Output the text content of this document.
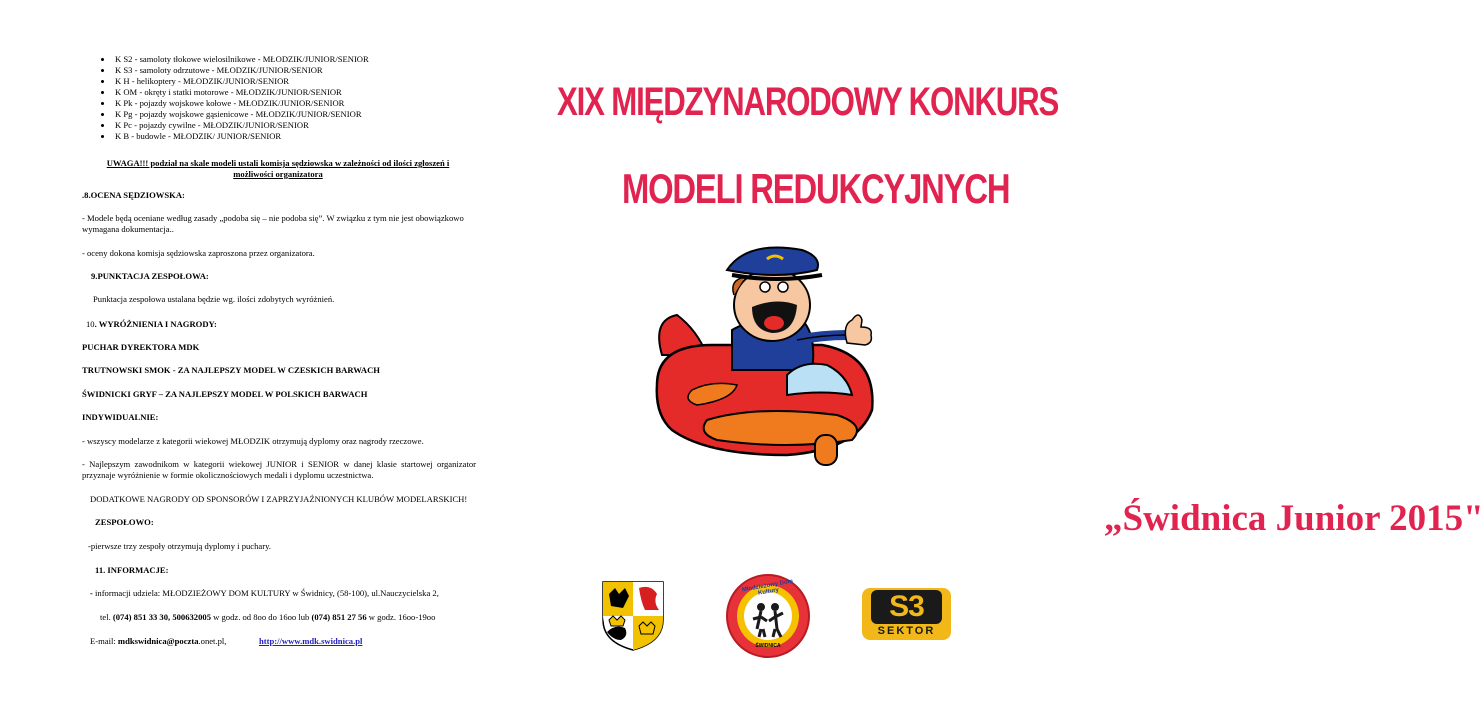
• K S2 - samoloty tłokowe wielosilnikowe - MŁODZIK/JUNIOR/SENIOR
• K S3 - samoloty odrzutowe - MŁODZIK/JUNIOR/SENIOR
• K H - helikoptery - MŁODZIK/JUNIOR/SENIOR
• K OM - okręty i statki motorowe - MŁODZIK/JUNIOR/SENIOR
• K Pk - pojazdy wojskowe kołowe - MŁODZIK/JUNIOR/SENIOR
• K Pg - pojazdy wojskowe gąsienicowe - MŁODZIK/JUNIOR/SENIOR
• K Pc - pojazdy cywilne - MŁODZIK/JUNIOR/SENIOR
• K B - budowle - MŁODZIK/ JUNIOR/SENIOR
UWAGA!!! podział na skale modeli ustali komisja sędziowska w zależności od ilości zgłoszeń i
możliwości organizatora
.8.OCENA SĘDZIOWSKA:
- Modele będą oceniane według zasady „podoba się – nie podoba się”. W związku z tym nie jest obowiązkowo wymagana dokumentacja..
- oceny dokona komisja sędziowska zaproszona przez organizatora.
9.PUNKTACJA ZESPOŁOWA:
Punktacja zespołowa ustalana będzie wg. ilości zdobytych wyróżnień.
10. WYRÓŻNIENIA I NAGRODY:
PUCHAR DYREKTORA MDK
TRUTNOWSKI SMOK - ZA NAJLEPSZY MODEL W CZESKICH BARWACH
ŚWIDNICKI GRYF – ZA NAJLEPSZY MODEL W POLSKICH BARWACH
INDYWIDUALNIE:
- wszyscy modelarze z kategorii wiekowej MŁODZIK otrzymują dyplomy oraz nagrody rzeczowe.
- Najlepszym zawodnikom w kategorii wiekowej JUNIOR i SENIOR w danej klasie startowej organizator przyznaje wyróżnienie w formie okolicznościowych medali i dyplomu uczestnictwa.
DODATKOWE NAGRODY OD SPONSORÓW I ZAPRZYJAŹNIONYCH KLUBÓW MODELARSKICH!
ZESPOŁOWO:
-pierwsze trzy zespoły otrzymują dyplomy i puchary.
11. INFORMACJE:
- informacji udziela: MŁODZIEŻOWY DOM KULTURY w Świdnicy, (58-100), ul.Nauczycielska 2,
tel. (074) 851 33 30, 500632005 w godz. od 8oo do 16oo lub (074) 851 27 56 w godz. 16oo-19oo
E-mail: mdkswidnica@poczta.onet.pl,	http://www.mdk.swidnica.pl
XIX MIĘDZYNARODOWY KONKURS
MODELI REDUKCYJNYCH
„Świdnica Junior 2015"
Młodzieżowy Dom Kultury
ŚWIDNICA
S3
SEKTOR
